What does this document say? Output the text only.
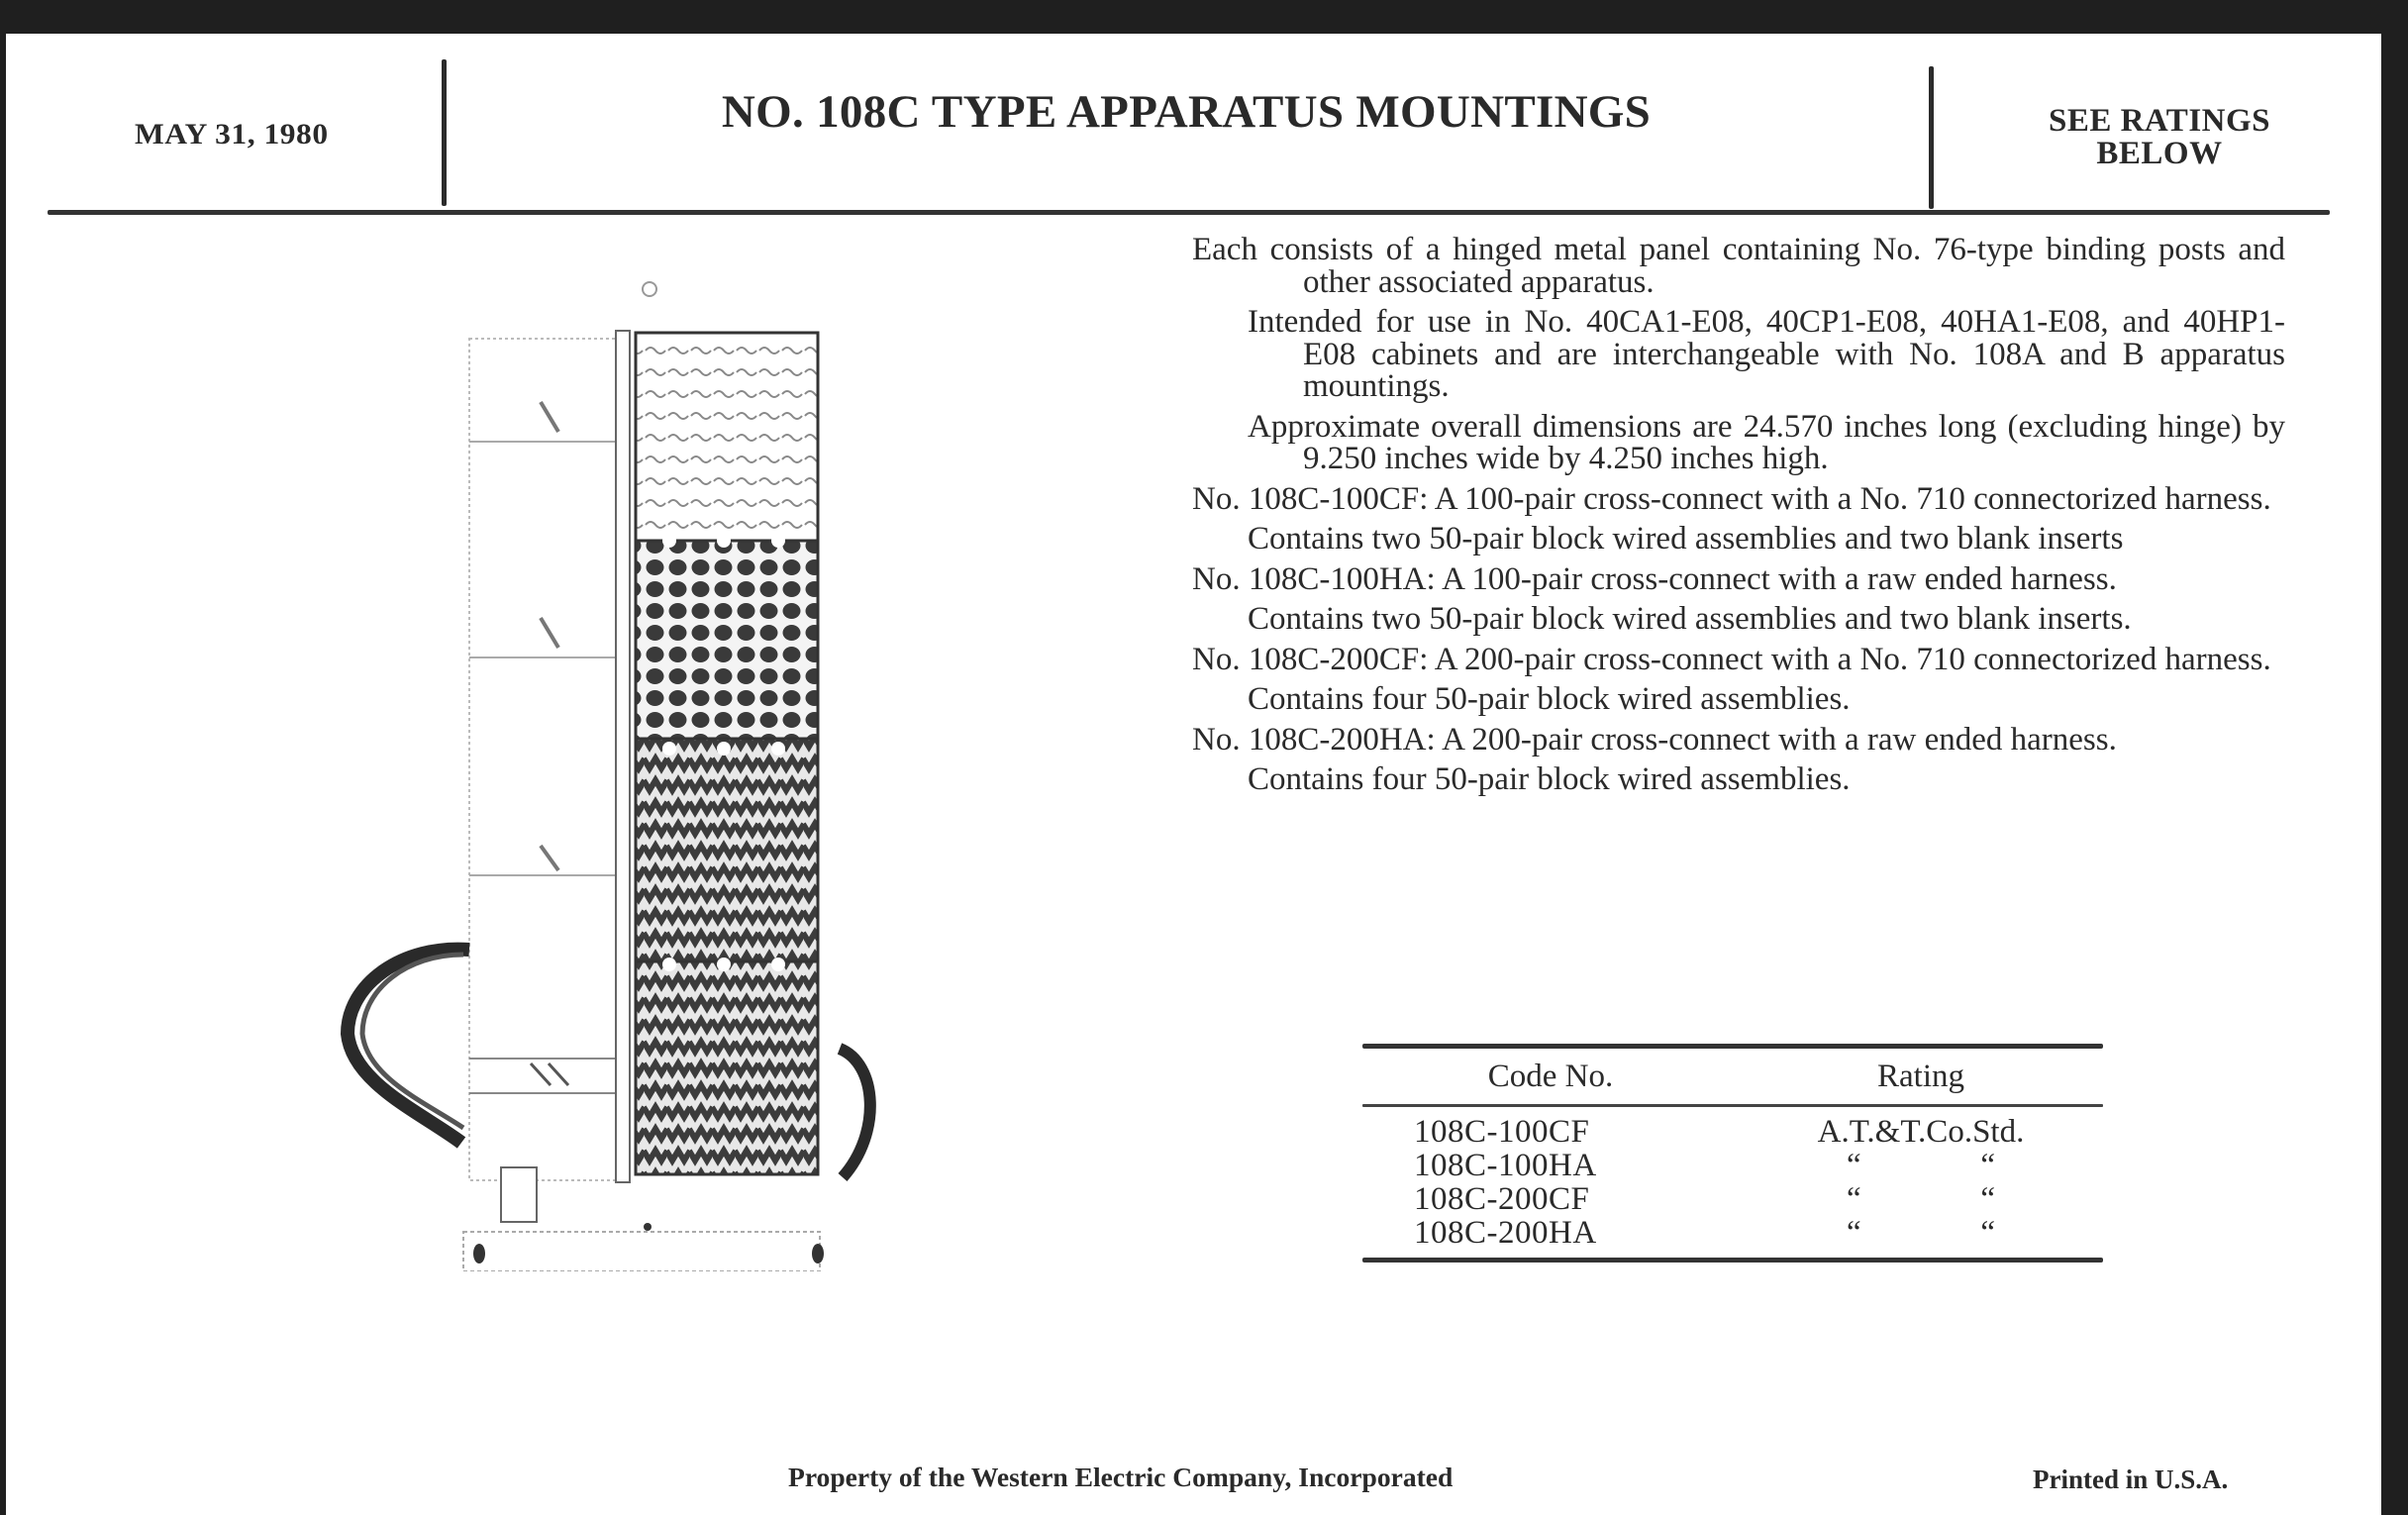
MAY 31, 1980	NO. 108C TYPE APPARATUS MOUNTINGS	SEE RATINGS
BELOW

Each consists of a hinged metal panel containing No. 76-type binding posts and other associated apparatus.

Intended for use in No. 40CA1-E08, 40CP1-E08, 40HA1-E08, and 40HP1-E08 cabinets and are interchangeable with No. 108A and B apparatus mountings.

Approximate overall dimensions are 24.570 inches long (excluding hinge) by 9.250 inches wide by 4.250 inches high.

No. 108C-100CF: A 100-pair cross-connect with a No. 710 connectorized harness.

Contains two 50-pair block wired assemblies and two blank inserts

No. 108C-100HA: A 100-pair cross-connect with a raw ended harness.

Contains two 50-pair block wired assemblies and two blank inserts.

No. 108C-200CF: A 200-pair cross-connect with a No. 710 connectorized harness.

Contains four 50-pair block wired assemblies.

No. 108C-200HA: A 200-pair cross-connect with a raw ended harness.

Contains four 50-pair block wired assemblies.

Code No.	Rating
108C-100CF	A.T.&T.Co.Std.
108C-100HA	“	“
108C-200CF	“	“
108C-200HA	“	“
Property of the Western Electric Company, Incorporated	Printed in U.S.A.
